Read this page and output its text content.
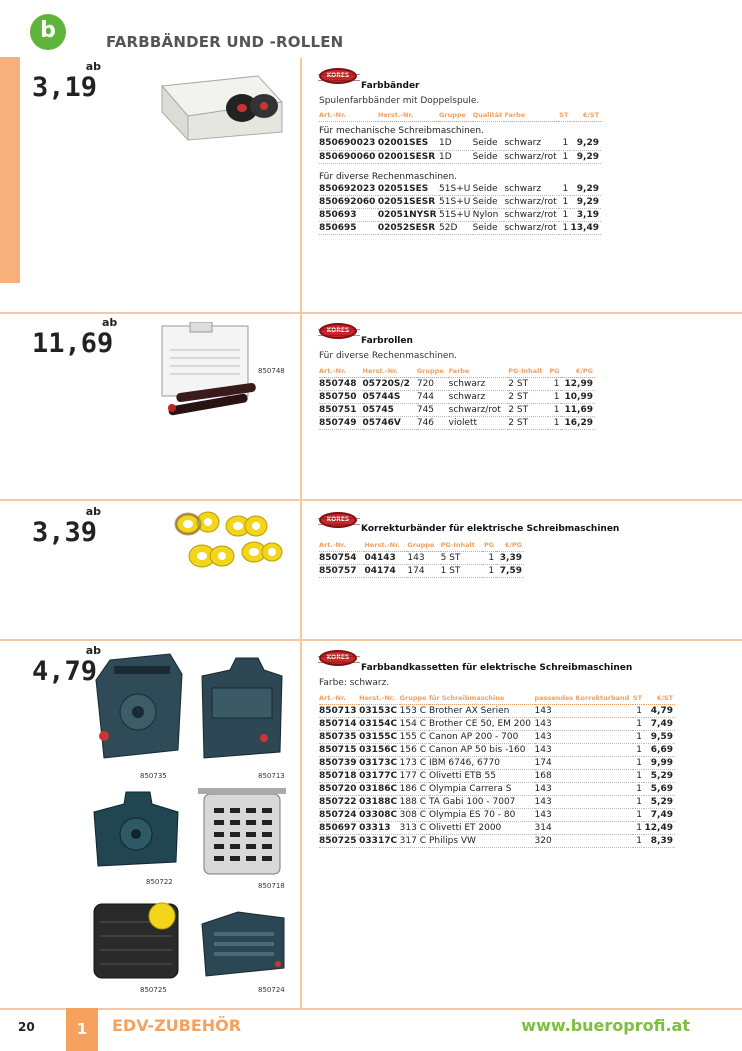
b	FARBBÄNDER UND -ROLLEN
3,19
ab
KORES
Farbbänder
Spulenfarbbänder mit Doppelspule.
Art.-Nr.	Herst.-Nr.	Gruppe	Qualität	Farbe	ST	€/ST
Für mechanische Schreibmaschinen.						
850690023	02001SES	1D	Seide	schwarz	1	9,29
850690060	02001SESR	1D	Seide	schwarz/rot	1	9,29
Für diverse Rechenmaschinen.						
850692023	02051SES	51S+U	Seide	schwarz	1	9,29
850692060	02051SESR	51S+U	Seide	schwarz/rot	1	9,29
850693	02051NYSR	51S+U	Nylon	schwarz/rot	1	3,19
850695	02052SESR	52D	Seide	schwarz/rot	1	13,49
11,69
ab
850748
KORES
Farbrollen
Für diverse Rechenmaschinen.
Art.-Nr.	Herst.-Nr.	Gruppe	Farbe	PG-Inhalt	PG	€/PG
850748	05720S/2	720	schwarz	2 ST	1	12,99
850750	05744S	744	schwarz	2 ST	1	10,99
850751	05745	745	schwarz/rot	2 ST	1	11,69
850749	05746V	746	violett	2 ST	1	16,29
3,39
ab
KORES
Korrekturbänder für elektrische Schreibmaschinen
Art.-Nr.	Herst.-Nr.	Gruppe	PG-Inhalt	PG	€/PG
850754	04143	143	5 ST	1	3,39
850757	04174	174	1 ST	1	7,59
4,79
ab
850735	850713
850722	850718
850725	850724
KORES
Farbbandkassetten für elektrische Schreibmaschinen
Farbe: schwarz.
Art.-Nr.	Herst.-Nr.	Gruppe	für Schreibmaschine	passendes Korrekturband	ST	€/ST
850713	03153C	153 C	Brother AX Serien	143	1	4,79
850714	03154C	154 C	Brother CE 50, EM 200	143	1	7,49
850735	03155C	155 C	Canon AP 200 - 700	143	1	9,59
850715	03156C	156 C	Canon AP 50 bis -160	143	1	6,69
850739	03173C	173 C	IBM 6746, 6770	174	1	9,99
850718	03177C	177 C	Olivetti ETB 55	168	1	5,29
850720	03186C	186 C	Olympia Carrera S	143	1	5,69
850722	03188C	188 C	TA Gabi 100 - 7007	143	1	5,29
850724	03308C	308 C	Olympia ES 70 - 80	143	1	7,49
850697	03313	313 C	Olivetti ET 2000	314	1	12,49
850725	03317C	317 C	Philips VW	320	1	8,39
20	1	EDV-ZUBEHÖR	www.bueroprofi.at
